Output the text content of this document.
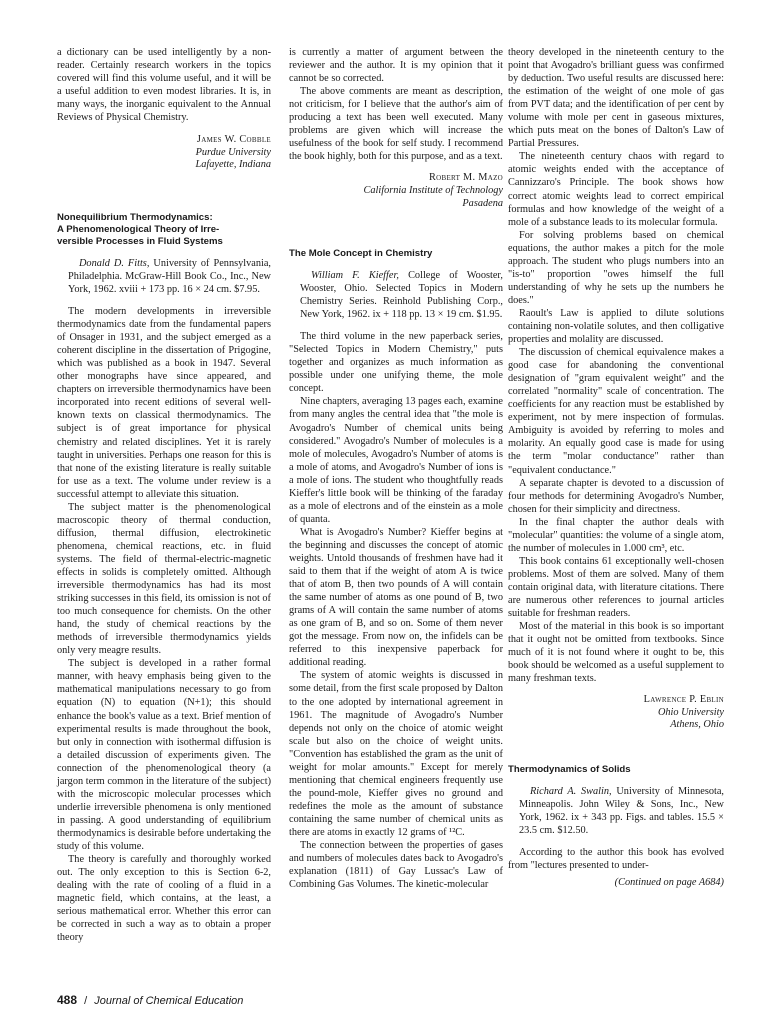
a dictionary can be used intelligently by a non-reader. Certainly research workers in the topics covered will find this volume useful, and it will be a useful addition to even modest libraries. It is, in many ways, the inorganic equivalent to the Annual Reviews of Physical Chemistry.

James W. Cobble
Purdue University
Lafayette, Indiana
Nonequilibrium Thermodynamics:
A Phenomenological Theory of Irre-
versible Processes in Fluid Systems

Donald D. Fitts, University of Pennsylvania, Philadelphia. McGraw-Hill Book Co., Inc., New York, 1962. xviii + 173 pp. 16 × 24 cm. $7.95.

The modern developments in irreversible thermodynamics date from the fundamental papers of Onsager in 1931, and the subject emerged as a coherent discipline in the dissertation of Prigogine, which was published as a book in 1947. Several other monographs have since appeared, and chapters on irreversible thermodynamics have been incorporated into recent editions of several well-known texts on classical thermodynamics. The subject is of great importance for physical chemistry and related disciplines. Yet it is rarely taught in universities. Perhaps one reason for this is that none of the existing literature is really suitable for use as a text. The volume under review is a successful attempt to alleviate this situation.

The subject matter is the phenomenological macroscopic theory of thermal conduction, diffusion, thermal diffusion, electrokinetic phenomena, chemical reactions, etc. in fluid systems. The field of thermal-electric-magnetic effects in solids is completely omitted. Although irreversible thermodynamics has had its most striking successes in this field, its omission is not of too much consequence for chemists. On the other hand, the study of chemical reactions by the methods of irreversible thermodynamics yields only very meagre results.

The subject is developed in a rather formal manner, with heavy emphasis being given to the mathematical manipulations necessary to go from equation (N) to equation (N+1); this should enhance the book's value as a text. Brief mention of experimental results is made throughout the book, but only in connection with isothermal diffusion is a detailed discussion of experiments given. The connection of the phenomenological theory (a jargon term common in the literature of the subject) with the microscopic molecular processes which underlie irreversible phenomena is only mentioned in passing. A good understanding of equilibrium thermodynamics is desirable before undertaking the study of this volume.

The theory is carefully and thoroughly worked out. The only exception to this is Section 6-2, dealing with the rate of cooling of a fluid in a magnetic field, which contains, at the least, a serious mathematical error. Whether this error can be corrected in such a way as to obtain a proper theory

is currently a matter of argument between the reviewer and the author. It is my opinion that it cannot be so corrected.

The above comments are meant as description, not criticism, for I believe that the author's aim of producing a text has been well executed. Many problems are given which will increase the usefulness of the book for self study. I recommend the book highly, both for this purpose, and as a text.

Robert M. Mazo
California Institute of Technology
Pasadena
The Mole Concept in Chemistry

William F. Kieffer, College of Wooster, Wooster, Ohio. Selected Topics in Modern Chemistry Series. Reinhold Publishing Corp., New York, 1962. ix + 118 pp. 13 × 19 cm. $1.95.

The third volume in the new paperback series, "Selected Topics in Modern Chemistry," puts together and organizes as much information as possible under one unifying theme, the mole concept.

Nine chapters, averaging 13 pages each, examine from many angles the central idea that "the mole is Avogadro's Number of chemical units being considered." Avogadro's Number of molecules is a mole of molecules, Avogadro's Number of atoms is a mole of atoms, and Avogadro's Number of ions is a mole of ions. The student who thoughtfully reads Kieffer's little book will be thinking of the faraday as a mole of electrons and of the einstein as a mole of quanta.

What is Avogadro's Number? Kieffer begins at the beginning and discusses the concept of atomic weights. Untold thousands of freshmen have had it said to them that if the weight of atom A is twice that of atom B, then two pounds of A will contain the same number of atoms as one pound of B, two grams of A will contain the same number of atoms as one gram of B, and so on. Some of them never got the message. From now on, the infidels can be referred to this inexpensive paperback for additional reading.

The system of atomic weights is discussed in some detail, from the first scale proposed by Dalton to the one adopted by international agreement in 1961. The magnitude of Avogadro's Number depends not only on the choice of atomic weight scale but also on the choice of weight units. "Convention has established the gram as the unit of weight for molar amounts." Except for merely mentioning that chemical engineers frequently use the pound-mole, Kieffer gives no ground and redefines the mole as the amount of substance containing the same number of chemical units as there are atoms in exactly 12 grams of ¹²C.

The connection between the properties of gases and numbers of molecules dates back to Avogadro's explanation (1811) of Gay Lussac's Law of Combining Gas Volumes. The kinetic-molecular

theory developed in the nineteenth century to the point that Avogadro's brilliant guess was confirmed by deduction. Two useful results are discussed here: the estimation of the weight of one mole of gas from PVT data; and the identification of per cent by volume with mole per cent in gaseous mixtures, which puts meat on the bones of Dalton's Law of Partial Pressures.

The nineteenth century chaos with regard to atomic weights ended with the acceptance of Cannizzaro's Principle. The book shows how correct atomic weights lead to correct empirical formulas and how knowledge of the weight of a mole of a substance leads to its molecular formula.

For solving problems based on chemical equations, the author makes a pitch for the mole approach. The student who plugs numbers into an "is-to" proportion "owes himself the full understanding of why he sets up the numbers he does."

Raoult's Law is applied to dilute solutions containing non-volatile solutes, and then colligative properties and molality are discussed.

The discussion of chemical equivalence makes a good case for abandoning the conventional designation of "gram equivalent weight" and the correlated "normality" scale of concentration. The coefficients for any reaction must be established by experiment, not by mere inspection of formulas. Ambiguity is avoided by referring to moles and molarity. An equally good case is made for using the term "molar conductance" rather than "equivalent conductance."

A separate chapter is devoted to a discussion of four methods for determining Avogadro's Number, chosen for their simplicity and directness.

In the final chapter the author deals with "molecular" quantities: the volume of a single atom, the number of molecules in 1.000 cm³, etc.

This book contains 61 exceptionally well-chosen problems. Most of them are solved. Many of them contain original data, with literature citations. There are numerous other references to journal articles suitable for freshman readers.

Most of the material in this book is so important that it ought not be omitted from textbooks. Since much of it is not found where it ought to be, this book should be welcomed as a useful supplement to many freshman texts.

Lawrence P. Eblin
Ohio University
Athens, Ohio
Thermodynamics of Solids

Richard A. Swalin, University of Minnesota, Minneapolis. John Wiley & Sons, Inc., New York, 1962. ix + 343 pp. Figs. and tables. 15.5 × 23.5 cm. $12.50.

According to the author this book has evolved from "lectures presented to under-

(Continued on page A684)

488 / Journal of Chemical Education
